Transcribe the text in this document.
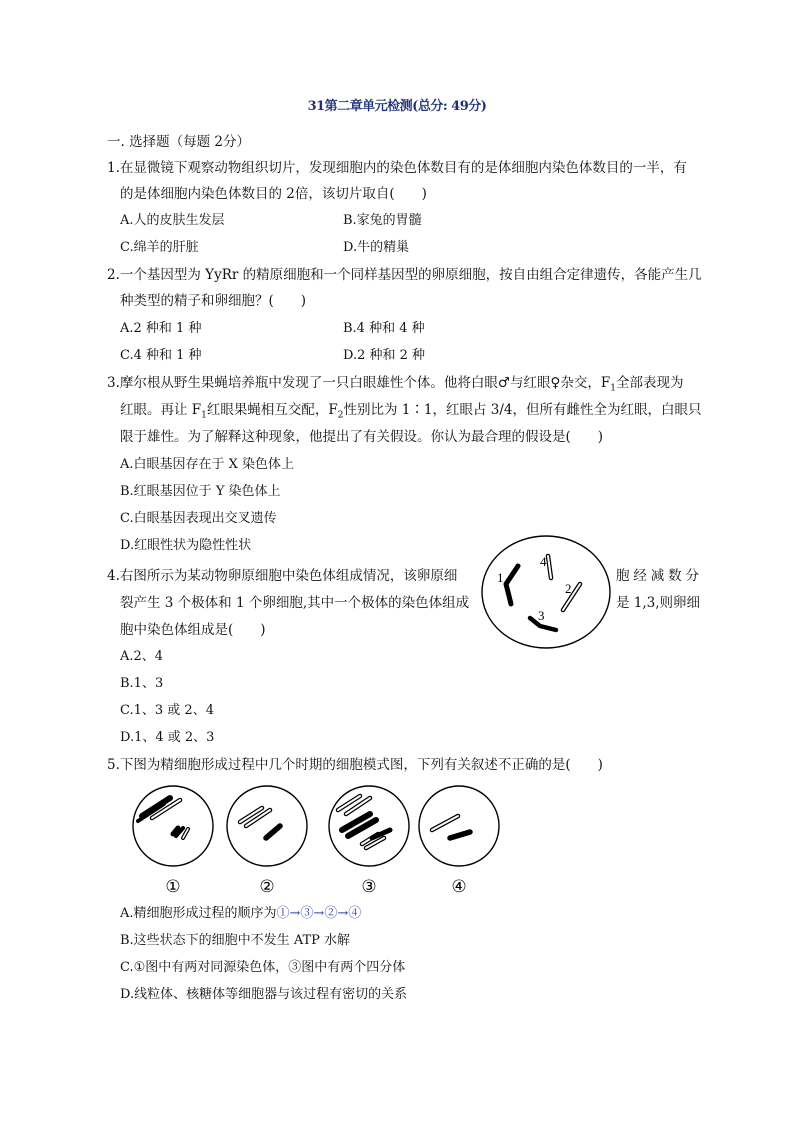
31第二章单元检测(总分: 49分)
一. 选择题（每题 2分）
1.在显微镜下观察动物组织切片，发现细胞内的染色体数目有的是体细胞内染色体数目的一半，有
的是体细胞内染色体数目的 2倍，该切片取自(　　)
A.人的皮肤生发层	B.家兔的胃髓
C.绵羊的肝脏	D.牛的精巢
2.一个基因型为 YyRr 的精原细胞和一个同样基因型的卵原细胞，按自由组合定律遗传，各能产生几
种类型的精子和卵细胞？(　　)
A.2 种和 1 种	B.4 种和 4 种
C.4 种和 1 种	D.2 种和 2 种
3.摩尔根从野生果蝇培养瓶中发现了一只白眼雄性个体。他将白眼♂与红眼♀杂交，$F_1$全部表现为
红眼。再让 $F_1$红眼果蝇相互交配，$F_2$性别比为 1∶1，红眼占 3/4，但所有雌性全为红眼，白眼只
限于雄性。为了解释这种现象，他提出了有关假设。你认为最合理的假设是(　　)
A.白眼基因存在于 X 染色体上
B.红眼基因位于 Y 染色体上
C.白眼基因表现出交叉遗传
D.红眼性状为隐性性状
4.右图所示为某动物卵原细胞中染色体组成情况，该卵原细	胞经减数分
裂产生 3 个极体和 1 个卵细胞,其中一个极体的染色体组成	是 1,3,则卵细
胞中染色体组成是(　　)
A.2、4
B.1、3
C.1、3 或 2、4
D.1、4 或 2、3
1
4
2
3
5.下图为精细胞形成过程中几个时期的细胞模式图，下列有关叙述不正确的是(　　)
①	②	③	④
A.精细胞形成过程的顺序为①→③→②→④
B.这些状态下的细胞中不发生 ATP 水解
C.①图中有两对同源染色体，③图中有两个四分体
D.线粒体、核糖体等细胞器与该过程有密切的关系
